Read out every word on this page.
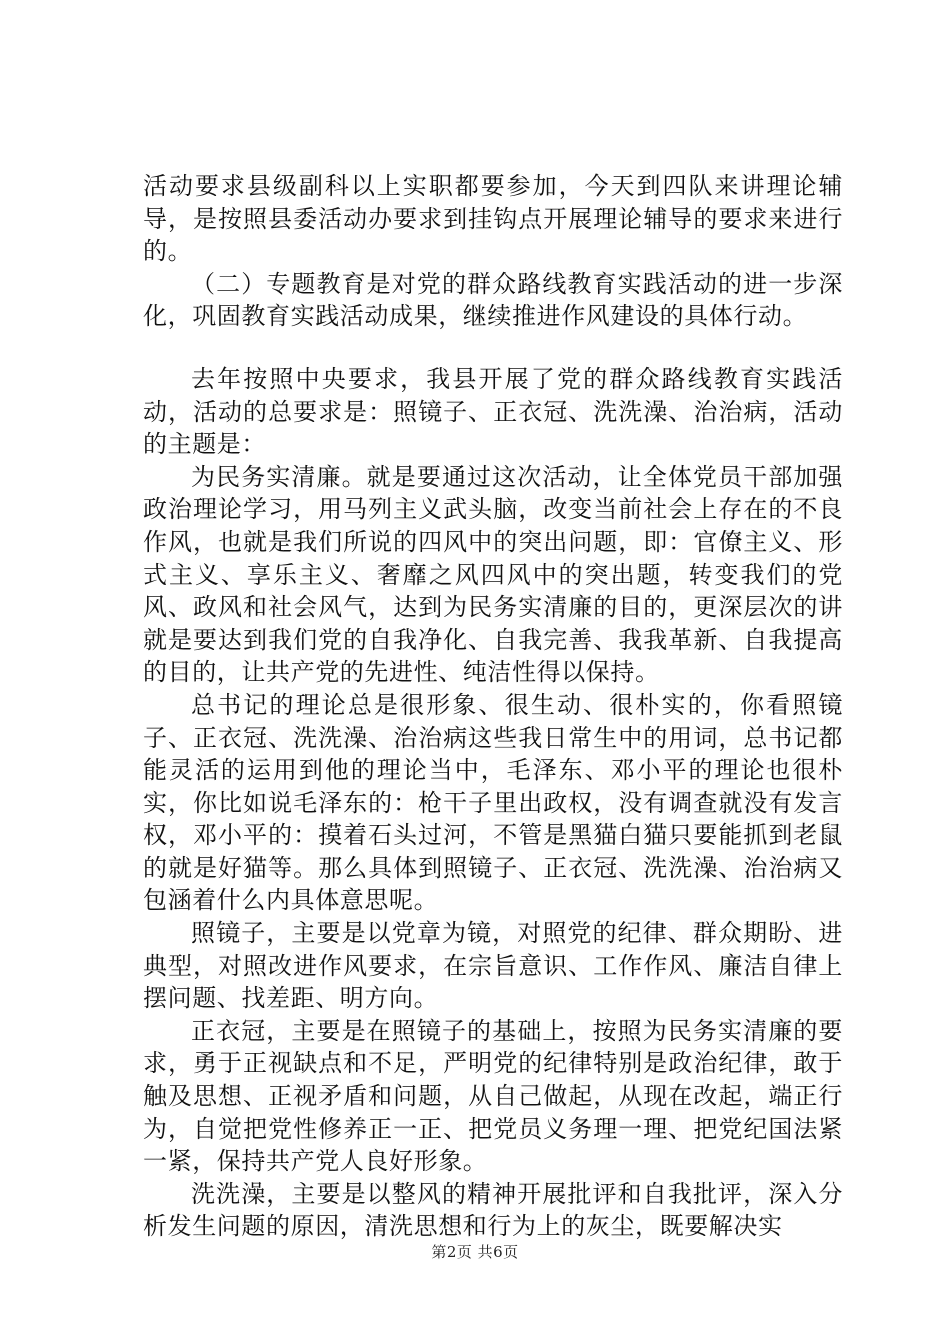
活动要求县级副科以上实职都要参加，今天到四队来讲理论辅导，是按照县委活动办要求到挂钩点开展理论辅导的要求来进行的。

（二）专题教育是对党的群众路线教育实践活动的进一步深化，巩固教育实践活动成果，继续推进作风建设的具体行动。

去年按照中央要求，我县开展了党的群众路线教育实践活动，活动的总要求是：照镜子、正衣冠、洗洗澡、治治病，活动的主题是：

为民务实清廉。就是要通过这次活动，让全体党员干部加强政治理论学习，用马列主义武头脑，改变当前社会上存在的不良作风，也就是我们所说的四风中的突出问题，即：官僚主义、形式主义、享乐主义、奢靡之风四风中的突出题，转变我们的党风、政风和社会风气，达到为民务实清廉的目的，更深层次的讲就是要达到我们党的自我净化、自我完善、我我革新、自我提高的目的，让共产党的先进性、纯洁性得以保持。

总书记的理论总是很形象、很生动、很朴实的，你看照镜子、正衣冠、洗洗澡、治治病这些我日常生中的用词，总书记都能灵活的运用到他的理论当中，毛泽东、邓小平的理论也很朴实，你比如说毛泽东的：枪干子里出政权，没有调查就没有发言权，邓小平的：摸着石头过河，不管是黑猫白猫只要能抓到老鼠的就是好猫等。那么具体到照镜子、正衣冠、洗洗澡、治治病又包涵着什么内具体意思呢。

照镜子，主要是以党章为镜，对照党的纪律、群众期盼、进典型，对照改进作风要求，在宗旨意识、工作作风、廉洁自律上摆问题、找差距、明方向。

正衣冠，主要是在照镜子的基础上，按照为民务实清廉的要求，勇于正视缺点和不足，严明党的纪律特别是政治纪律，敢于触及思想、正视矛盾和问题，从自己做起，从现在改起，端正行为，自觉把党性修养正一正、把党员义务理一理、把党纪国法紧一紧，保持共产党人良好形象。

洗洗澡，主要是以整风的精神开展批评和自我批评，深入分析发生问题的原因，清洗思想和行为上的灰尘，既要解决实

第2页 共6页
